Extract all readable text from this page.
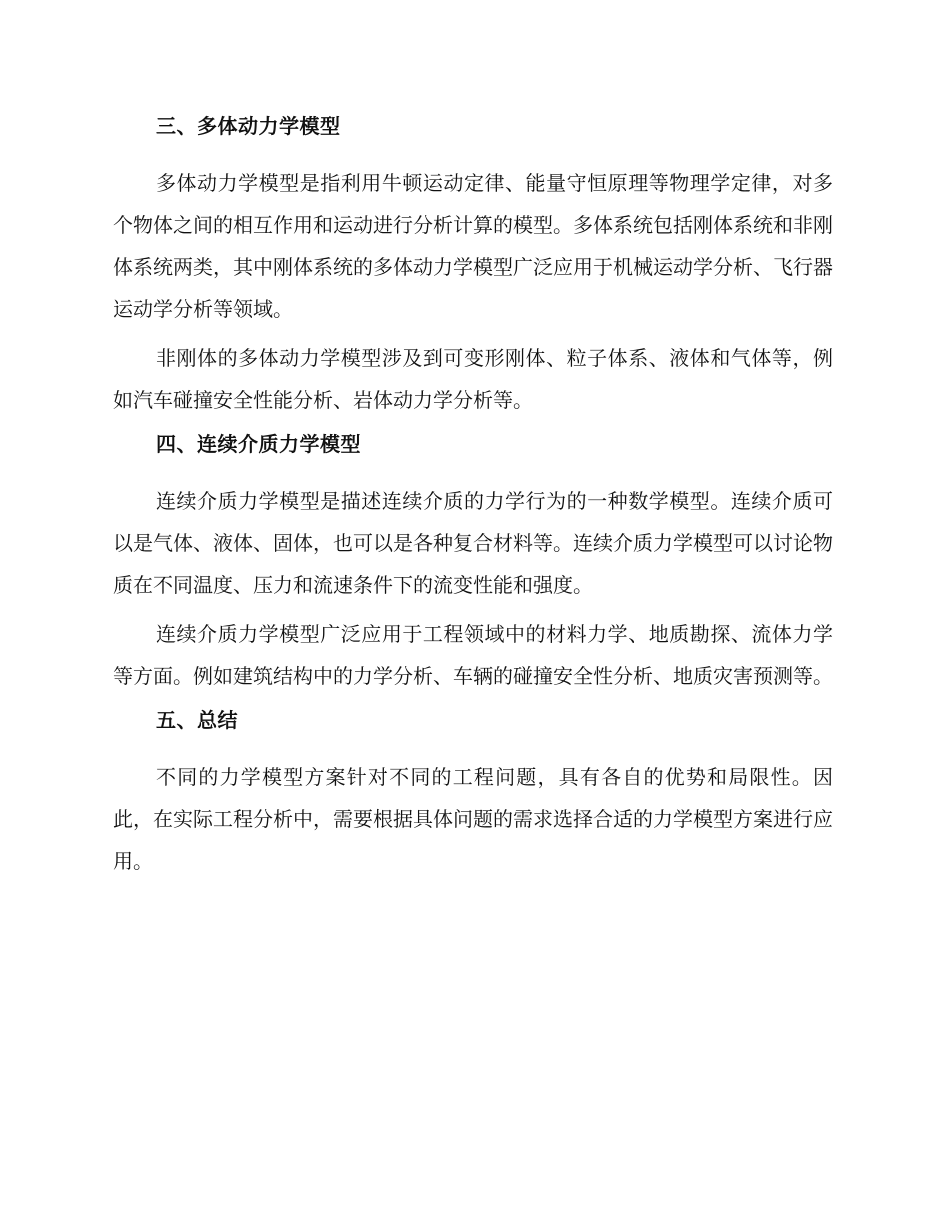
三、多体动力学模型

多体动力学模型是指利用牛顿运动定律、能量守恒原理等物理学定律，对多个物体之间的相互作用和运动进行分析计算的模型。多体系统包括刚体系统和非刚体系统两类，其中刚体系统的多体动力学模型广泛应用于机械运动学分析、飞行器运动学分析等领域。

非刚体的多体动力学模型涉及到可变形刚体、粒子体系、液体和气体等，例如汽车碰撞安全性能分析、岩体动力学分析等。

四、连续介质力学模型

连续介质力学模型是描述连续介质的力学行为的一种数学模型。连续介质可以是气体、液体、固体，也可以是各种复合材料等。连续介质力学模型可以讨论物质在不同温度、压力和流速条件下的流变性能和强度。

连续介质力学模型广泛应用于工程领域中的材料力学、地质勘探、流体力学等方面。例如建筑结构中的力学分析、车辆的碰撞安全性分析、地质灾害预测等。

五、总结

不同的力学模型方案针对不同的工程问题，具有各自的优势和局限性。因此，在实际工程分析中，需要根据具体问题的需求选择合适的力学模型方案进行应用。
